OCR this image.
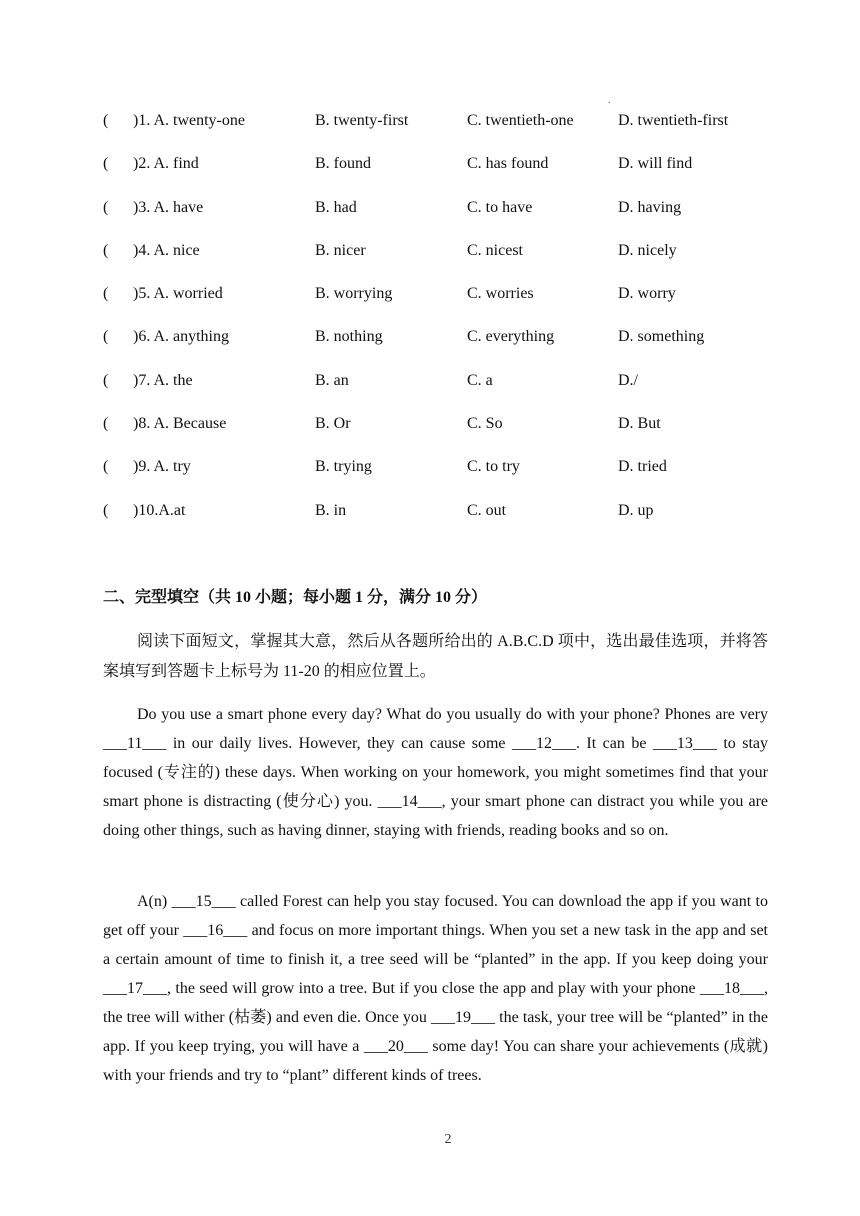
.
( )1. A. twenty-one	B. twenty-first	C. twentieth-one	D. twentieth-first
( )2. A. find	B. found	C. has found	D. will find
( )3. A. have	B. had	C. to have	D. having
( )4. A. nice	B. nicer	C. nicest	D. nicely
( )5. A. worried	B. worrying	C. worries	D. worry
( )6. A. anything	B. nothing	C. everything	D. something
( )7. A. the	B. an	C. a	D./
( )8. A. Because	B. Or	C. So	D. But
( )9. A. try	B. trying	C. to try	D. tried
( )10.A.at	B. in	C. out	D. up
二、完型填空（共 10 小题；每小题 1 分，满分 10 分）

阅读下面短文，掌握其大意，然后从各题所给出的 A.B.C.D 项中，选出最佳选项，并将答案填写到答题卡上标号为 11-20 的相应位置上。

Do you use a smart phone every day? What do you usually do with your phone? Phones are very ___11___ in our daily lives. However, they can cause some ___12___. It can be ___13___ to stay focused (专注的) these days. When working on your homework, you might sometimes find that your smart phone is distracting (使分心) you. ___14___, your smart phone can distract you while you are doing other things, such as having dinner, staying with friends, reading books and so on.

A(n) ___15___ called Forest can help you stay focused. You can download the app if you want to get off your ___16___ and focus on more important things. When you set a new task in the app and set a certain amount of time to finish it, a tree seed will be “planted” in the app. If you keep doing your ___17___, the seed will grow into a tree. But if you close the app and play with your phone ___18___, the tree will wither (枯萎) and even die. Once you ___19___ the task, your tree will be “planted” in the app. If you keep trying, you will have a ___20___ some day! You can share your achievements (成就) with your friends and try to “plant” different kinds of trees.

2
